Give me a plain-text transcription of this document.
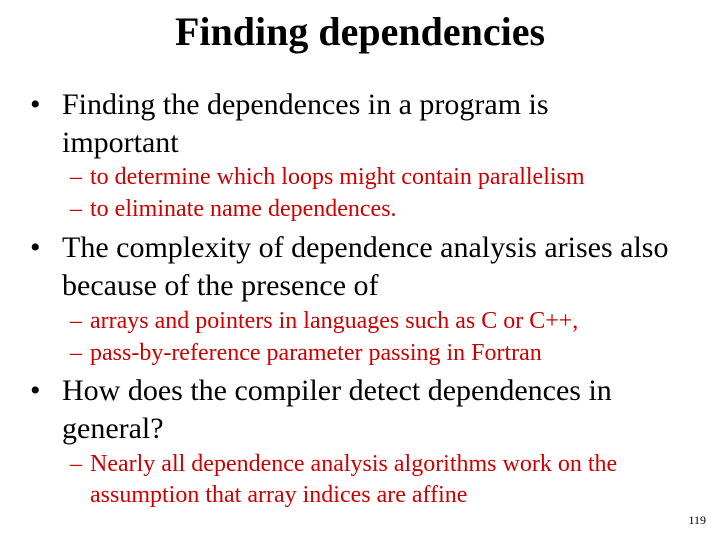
Finding dependencies
• Finding the dependences in a program is important
– to determine which loops might contain parallelism
– to eliminate name dependences.
• The complexity of dependence analysis arises also because of the presence of
– arrays and pointers in languages such as C or C++,
– pass-by-reference parameter passing in Fortran
• How does the compiler detect dependences in general?
– Nearly all dependence analysis algorithms work on the assumption that array indices are affine
119
